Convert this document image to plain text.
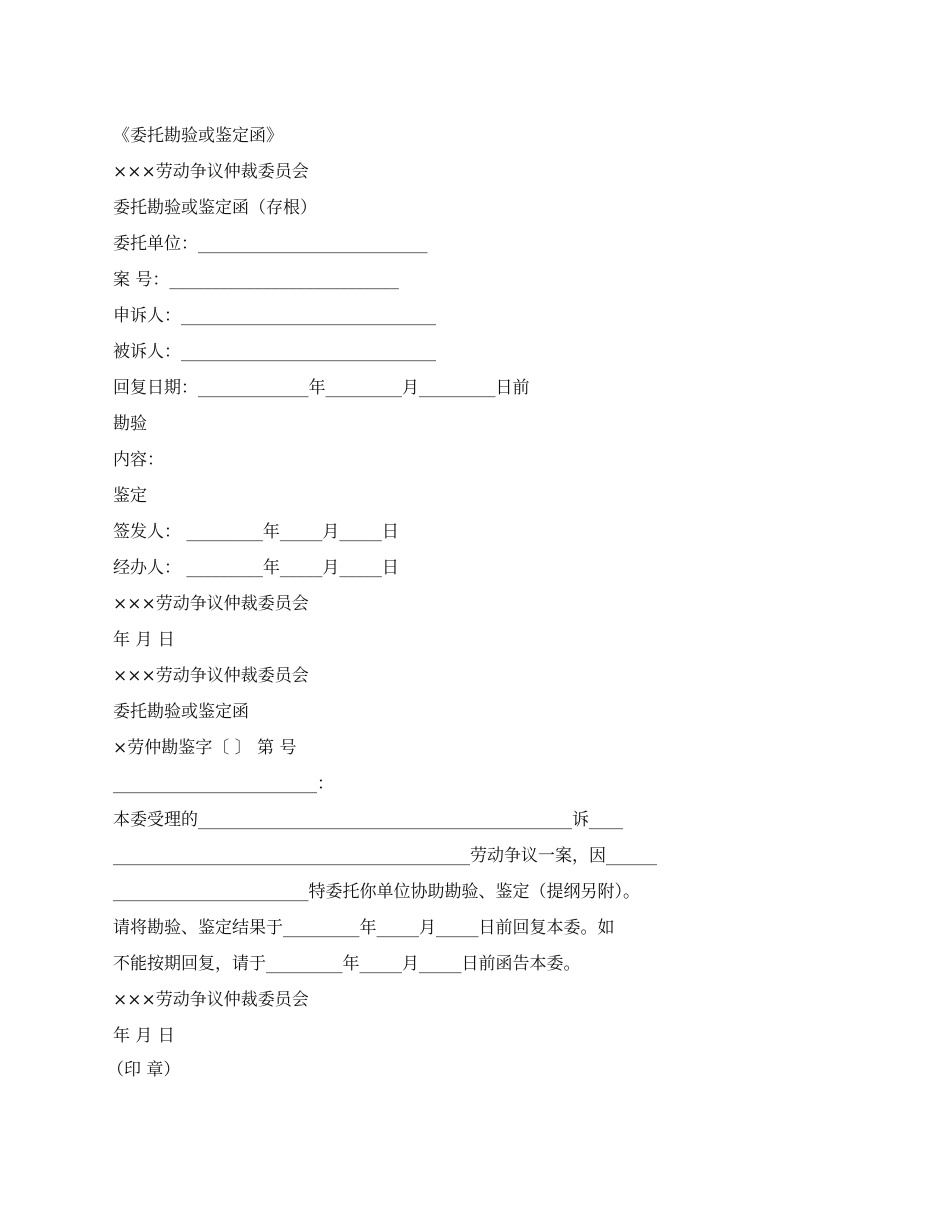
《委托勘验或鉴定函》

×××劳动争议仲裁委员会

委托勘验或鉴定函（存根）

委托单位：___________________________

案 号：___________________________

申诉人：______________________________

被诉人：______________________________

回复日期：_____________年_________月_________日前

勘验

内容：

鉴定

签发人： _________年_____月_____日

经办人： _________年_____月_____日

×××劳动争议仲裁委员会

年 月 日

×××劳动争议仲裁委员会

委托勘验或鉴定函

×劳仲勘鉴字〔 〕 第 号

________________________：

本委受理的____________________________________________诉____

__________________________________________劳动争议一案，因______

_______________________特委托你单位协助勘验、鉴定（提纲另附）。

请将勘验、鉴定结果于_________年_____月_____日前回复本委。如

不能按期回复，请于_________年_____月_____日前函告本委。

×××劳动争议仲裁委员会

年 月 日

（印 章）
